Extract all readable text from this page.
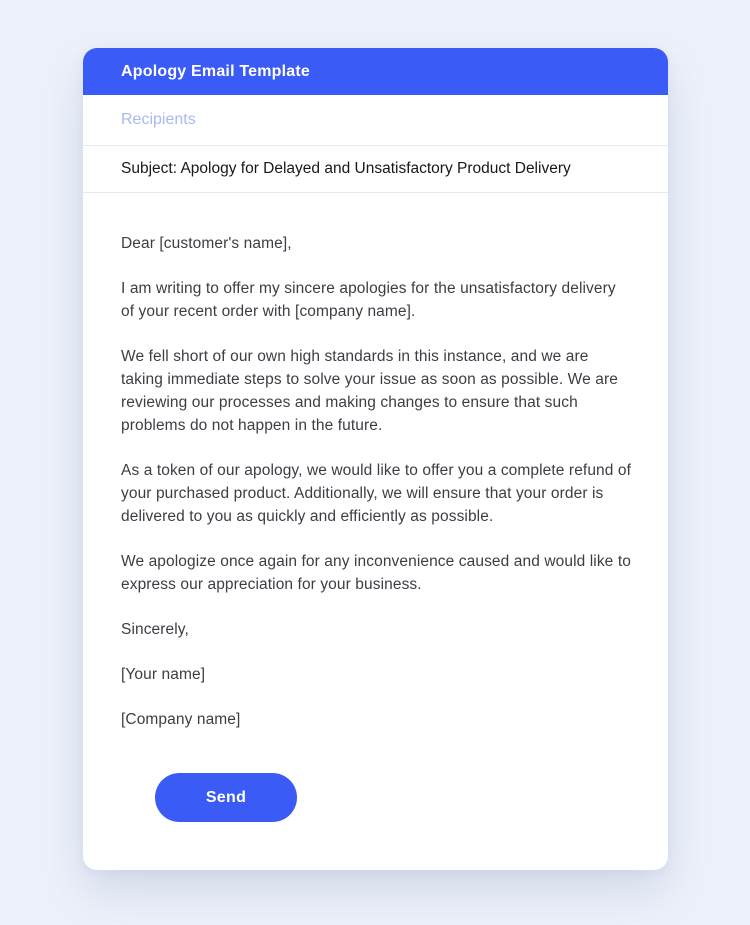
Apology Email Template
Recipients
Subject: Apology for Delayed and Unsatisfactory Product Delivery

Dear [customer's name],

I am writing to offer my sincere apologies for the unsatisfactory delivery of your recent order with [company name].

We fell short of our own high standards in this instance, and we are taking immediate steps to solve your issue as soon as possible. We are reviewing our processes and making changes to ensure that such problems do not happen in the future.

As a token of our apology, we would like to offer you a complete refund of your purchased product. Additionally, we will ensure that your order is delivered to you as quickly and efficiently as possible.

We apologize once again for any inconvenience caused and would like to express our appreciation for your business.

Sincerely,

[Your name]

[Company name]

Send
